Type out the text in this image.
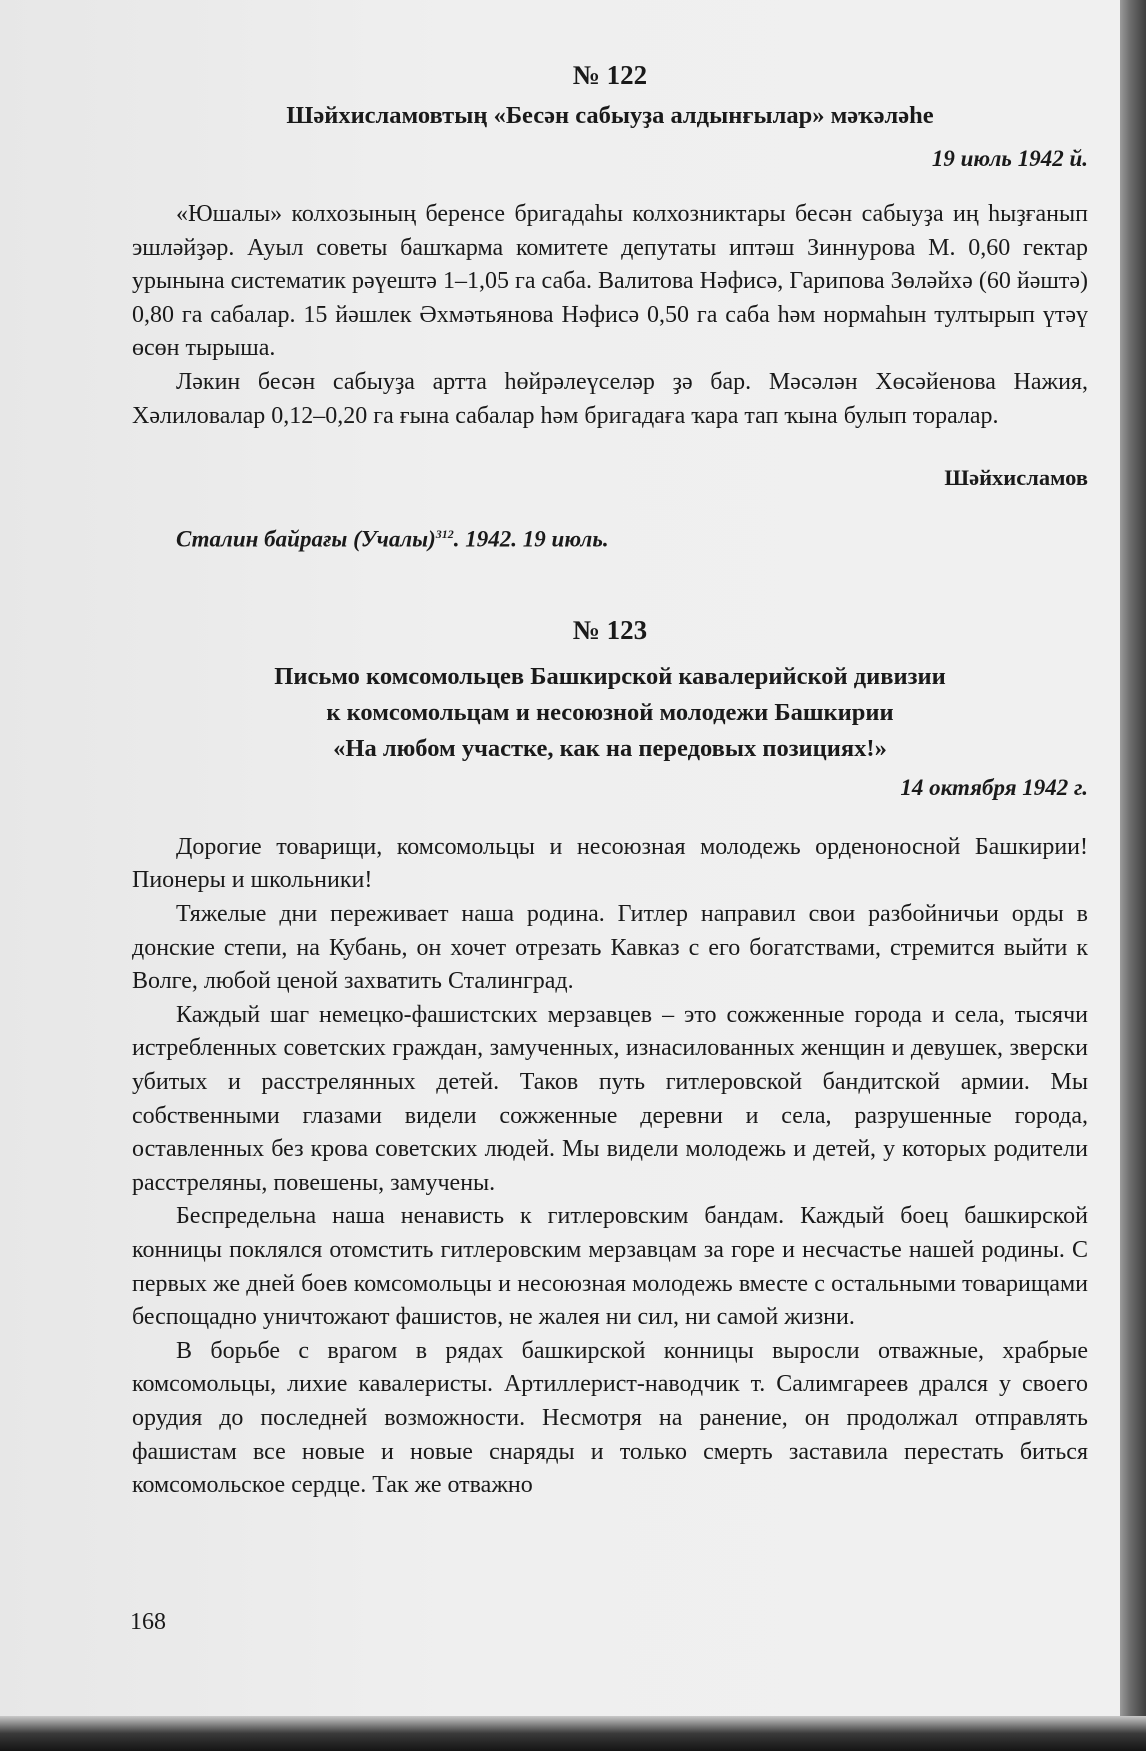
№ 122

Шәйхисламовтың «Бесән сабыуҙа алдынғылар» мәҡәләһе

19 июль 1942 й.

«Юшалы» колхозының беренсе бригадаһы колхозниктары бесән сабыуҙа иң һыҙғанып эшләйҙәр. Ауыл советы башҡарма комитете депутаты иптәш Зиннурова М. 0,60 гектар урынына систематик рәүештә 1–1,05 га саба. Валитова Нәфисә, Гарипова Зөләйхә (60 йәштә) 0,80 га сабалар. 15 йәшлек Әхмәтьянова Нәфисә 0,50 га саба һәм нормаһын тултырып үтәү өсөн тырыша.

Ләкин бесән сабыуҙа артта һөйрәлеүселәр ҙә бар. Мәсәлән Хөсәйенова Нажия, Хәлиловалар 0,12–0,20 га ғына сабалар һәм бригадаға ҡара тап ҡына булып торалар.

Шәйхисламов

Сталин байрағы (Учалы)$^{312}$. 1942. 19 июль.

№ 123

Письмо комсомольцев Башкирской кавалерийской дивизии

к комсомольцам и несоюзной молодежи Башкирии

«На любом участке, как на передовых позициях!»

14 октября 1942 г.

Дорогие товарищи, комсомольцы и несоюзная молодежь орденоносной Башкирии! Пионеры и школьники!

Тяжелые дни переживает наша родина. Гитлер направил свои разбойничьи орды в донские степи, на Кубань, он хочет отрезать Кавказ с его богатствами, стремится выйти к Волге, любой ценой захватить Сталинград.

Каждый шаг немецко-фашистских мерзавцев – это сожженные города и села, тысячи истребленных советских граждан, замученных, изнасилованных женщин и девушек, зверски убитых и расстрелянных детей. Таков путь гитлеровской бандитской армии. Мы собственными глазами видели сожженные деревни и села, разрушенные города, оставленных без крова советских людей. Мы видели молодежь и детей, у которых родители расстреляны, повешены, замучены.

Беспредельна наша ненависть к гитлеровским бандам. Каждый боец башкирской конницы поклялся отомстить гитлеровским мерзавцам за горе и несчастье нашей родины. С первых же дней боев комсомольцы и несоюзная молодежь вместе с остальными товарищами беспощадно уничтожают фашистов, не жалея ни сил, ни самой жизни.

В борьбе с врагом в рядах башкирской конницы выросли отважные, храбрые комсомольцы, лихие кавалеристы. Артиллерист-наводчик т. Салимгареев дрался у своего орудия до последней возможности. Несмотря на ранение, он продолжал отправлять фашистам все новые и новые снаряды и только смерть заставила перестать биться комсомольское сердце. Так же отважно

168
